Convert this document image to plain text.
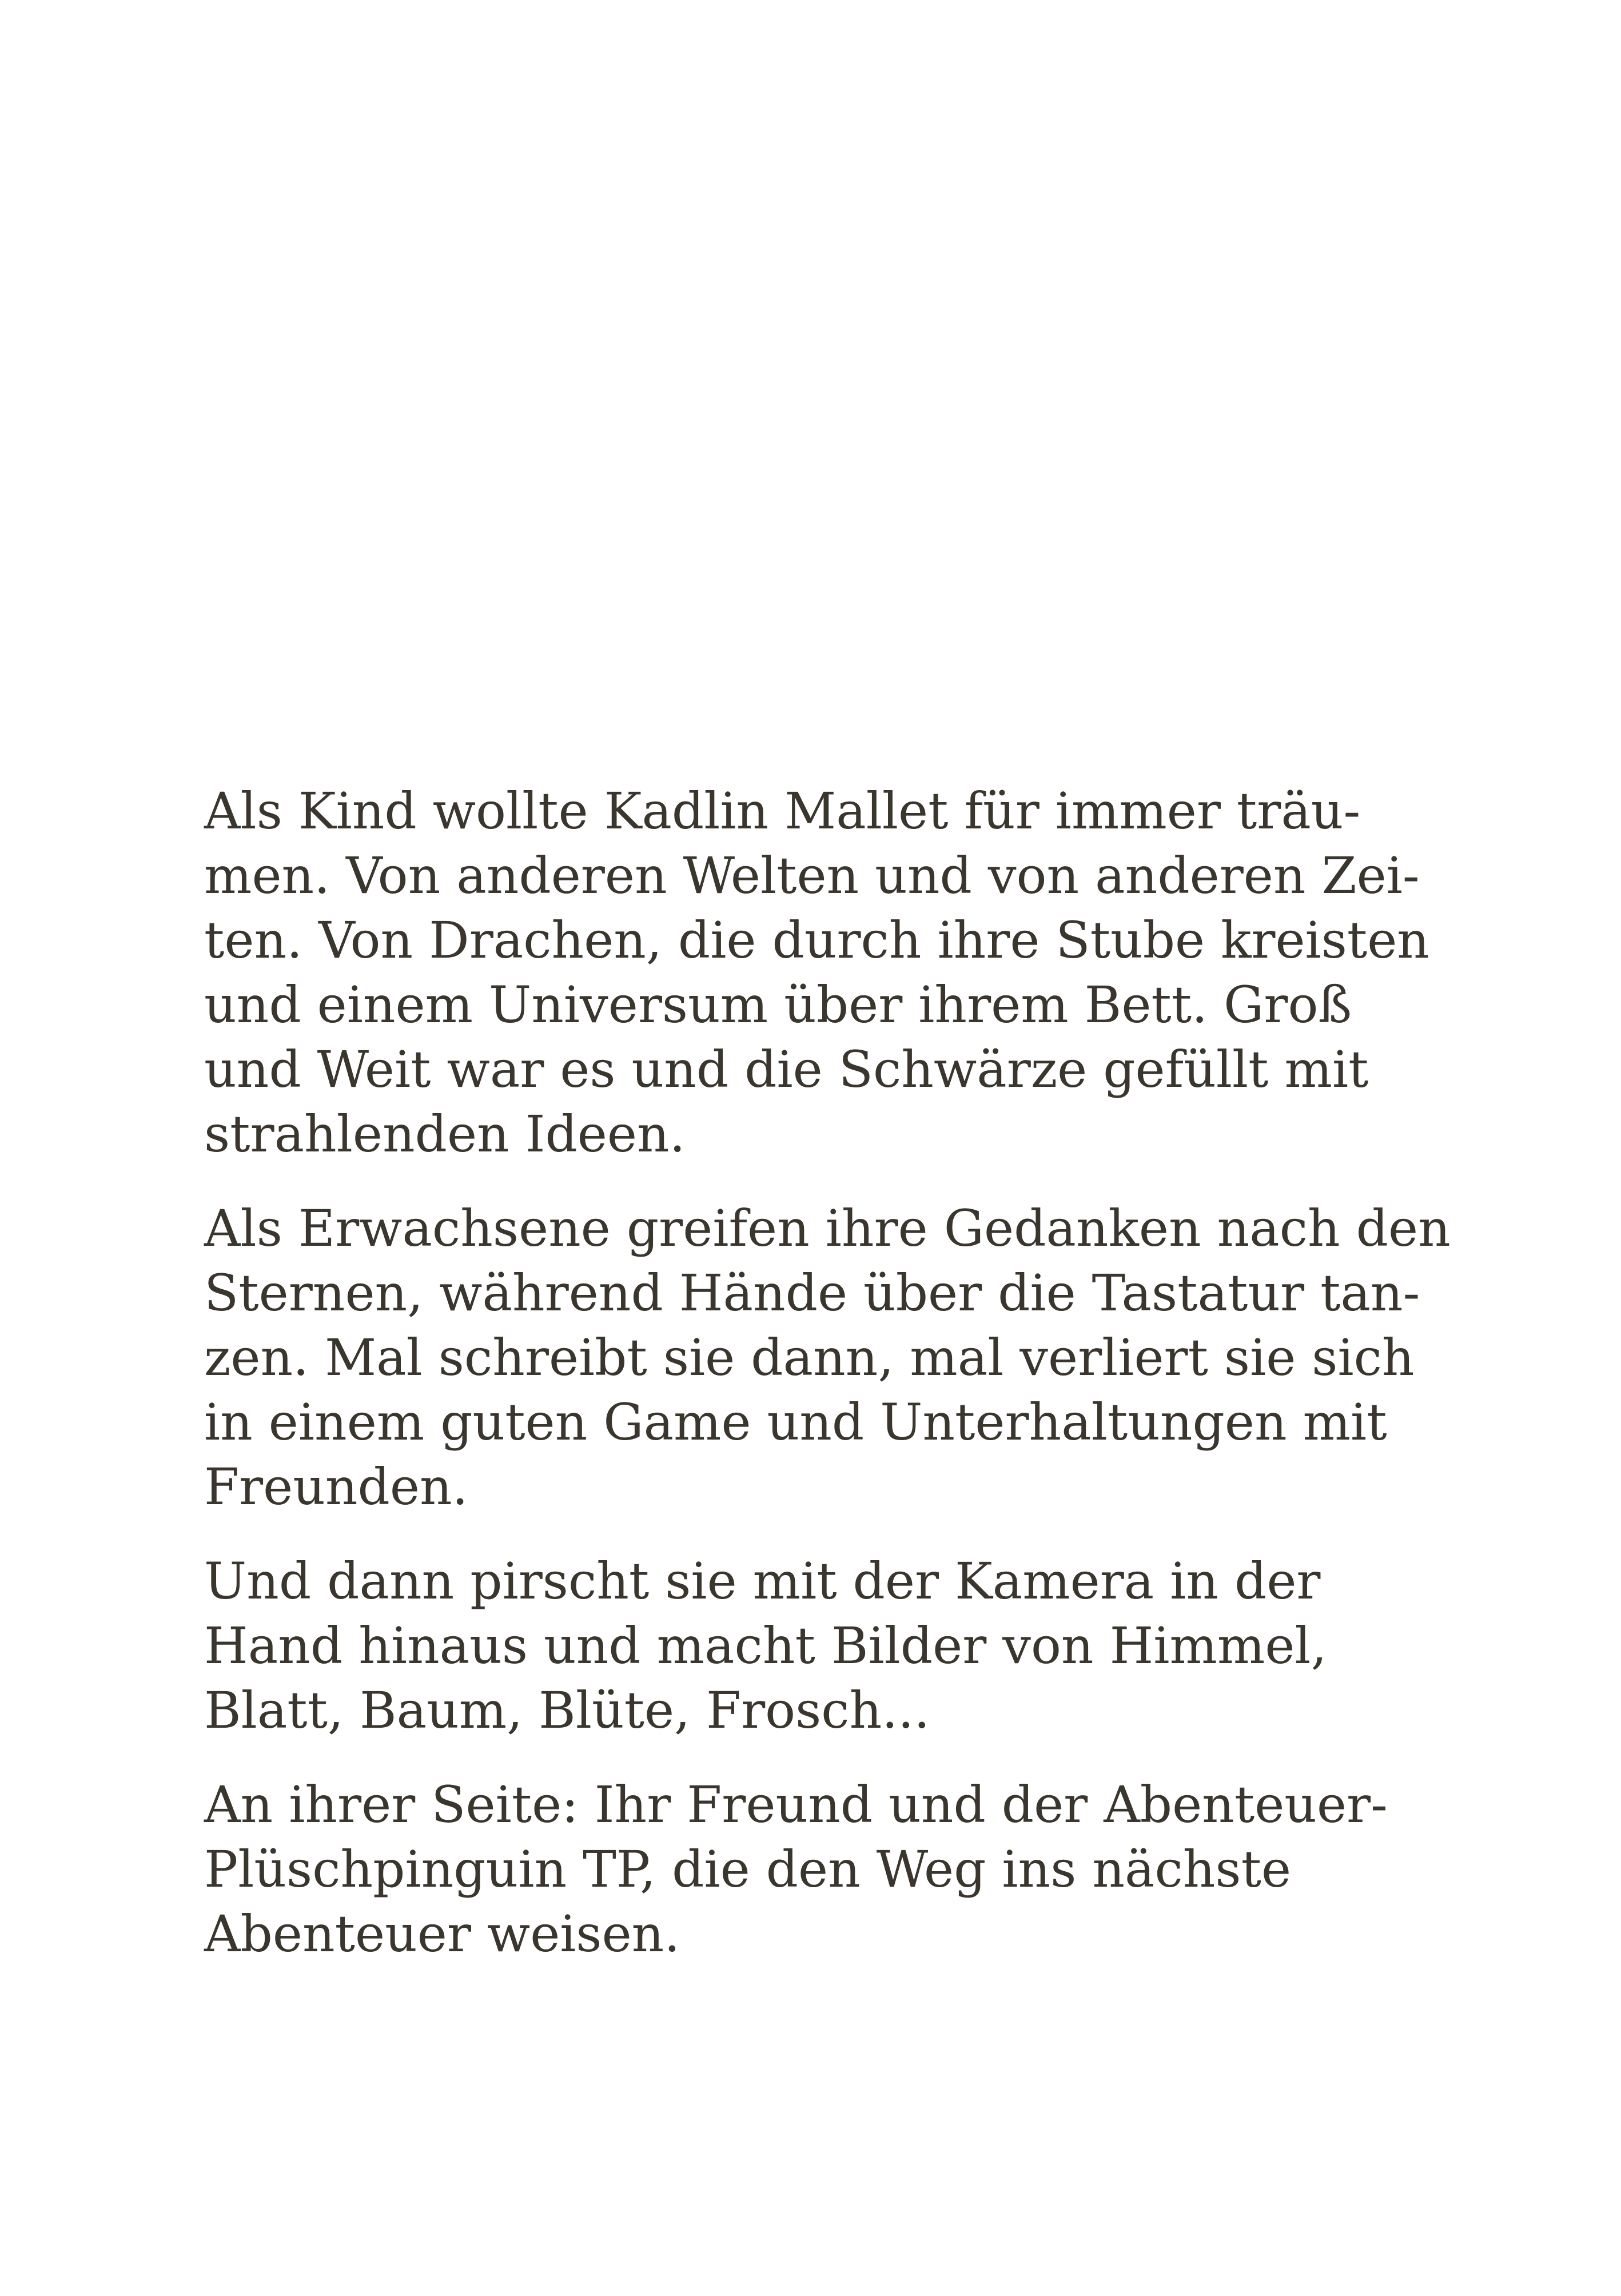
Als Kind wollte Kadlin Mallet für immer träu-
men. Von anderen Welten und von anderen Zei-
ten. Von Drachen, die durch ihre Stube kreisten
und einem Universum über ihrem Bett. Groß
und Weit war es und die Schwärze gefüllt mit
strahlenden Ideen.

Als Erwachsene greifen ihre Gedanken nach den
Sternen, während Hände über die Tastatur tan-
zen. Mal schreibt sie dann, mal verliert sie sich
in einem guten Game und Unterhaltungen mit
Freunden.

Und dann pirscht sie mit der Kamera in der
Hand hinaus und macht Bilder von Himmel,
Blatt, Baum, Blüte, Frosch...

An ihrer Seite: Ihr Freund und der Abenteuer-
Plüschpinguin TP, die den Weg ins nächste
Abenteuer weisen.
